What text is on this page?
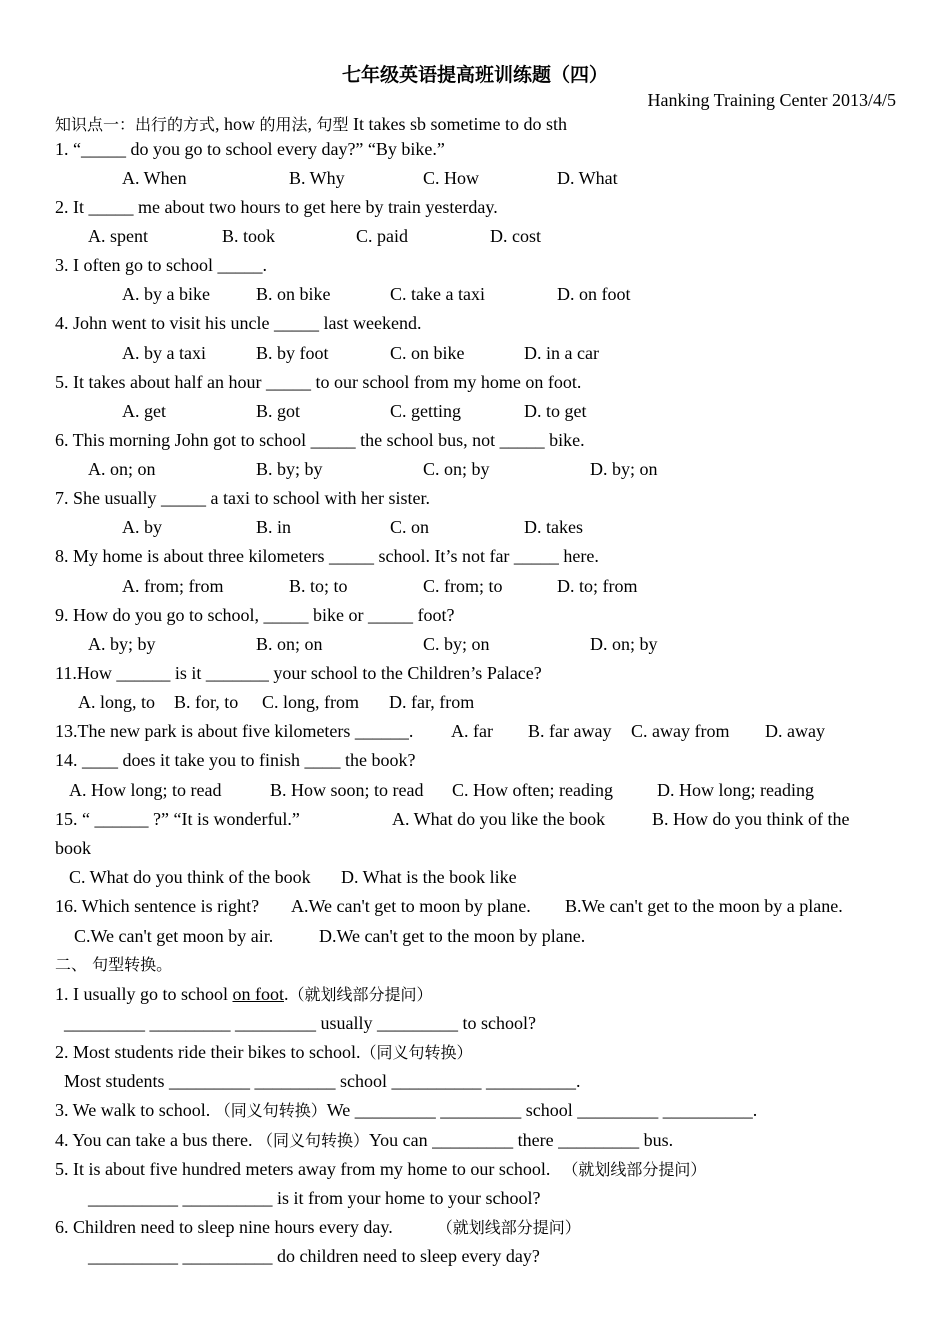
七年级英语提高班训练题（四）
Hanking Training Center 2013/4/5
知识点一：出行的方式, how 的用法, 句型 It takes sb sometime to do sth
1. “_____ do you go to school every day?” “By bike.”
A. When	B. Why	C. How	D. What
2. It _____ me about two hours to get here by train yesterday.
A. spent	B. took	C. paid	D. cost
3. I often go to school _____.
A. by a bike	B. on bike	C. take a taxi	D. on foot
4. John went to visit his uncle _____ last weekend.
A. by a taxi	B. by foot	C. on bike	D. in a car
5. It takes about half an hour _____ to our school from my home on foot.
A. get	B. got	C. getting	D. to get
6. This morning John got to school _____ the school bus, not _____ bike.
A. on; on	B. by; by	C. on; by	D. by; on
7. She usually _____ a taxi to school with her sister.
A. by	B. in	C. on	D. takes
8. My home is about three kilometers _____ school. It’s not far _____ here.
A. from; from	B. to; to	C. from; to	D. to; from
9. How do you go to school, _____ bike or _____ foot?
A. by; by	B. on; on	C. by; on	D. on; by
11.How ______ is it _______ your school to the Children’s Palace?
A. long, to B. for, to C. long, from D. far, from
13.The new park is about five kilometers ______. A. far B. far away C. away from D. away
14. ____ does it take you to finish ____ the book?
A. How long; to read	B. How soon; to read C. How often; reading D. How long; reading
15. “ ______ ?” “It is wonderful.”	A. What do you like the book	B. How do you think of the
book
C. What do you think of the book D. What is the book like
16. Which sentence is right? A.We can't get to moon by plane. B.We can't get to the moon by a plane.
C.We can't get moon by air.	D.We can't get to the moon by plane.
二、 句型转换。
1. I usually go to school on foot.（就划线部分提问）
_________ _________ _________ usually _________ to school?
2. Most students ride their bikes to school.（同义句转换）
Most students _________ _________ school __________ __________.
3. We walk to school. （同义句转换）We _________ _________ school _________ __________.
4. You can take a bus there. （同义句转换）You can _________ there _________ bus.
5. It is about five hundred meters away from my home to our school. （就划线部分提问）
__________ __________ is it from your home to your school?
6. Children need to sleep nine hours every day.	（就划线部分提问）
__________ __________ do children need to sleep every day?
